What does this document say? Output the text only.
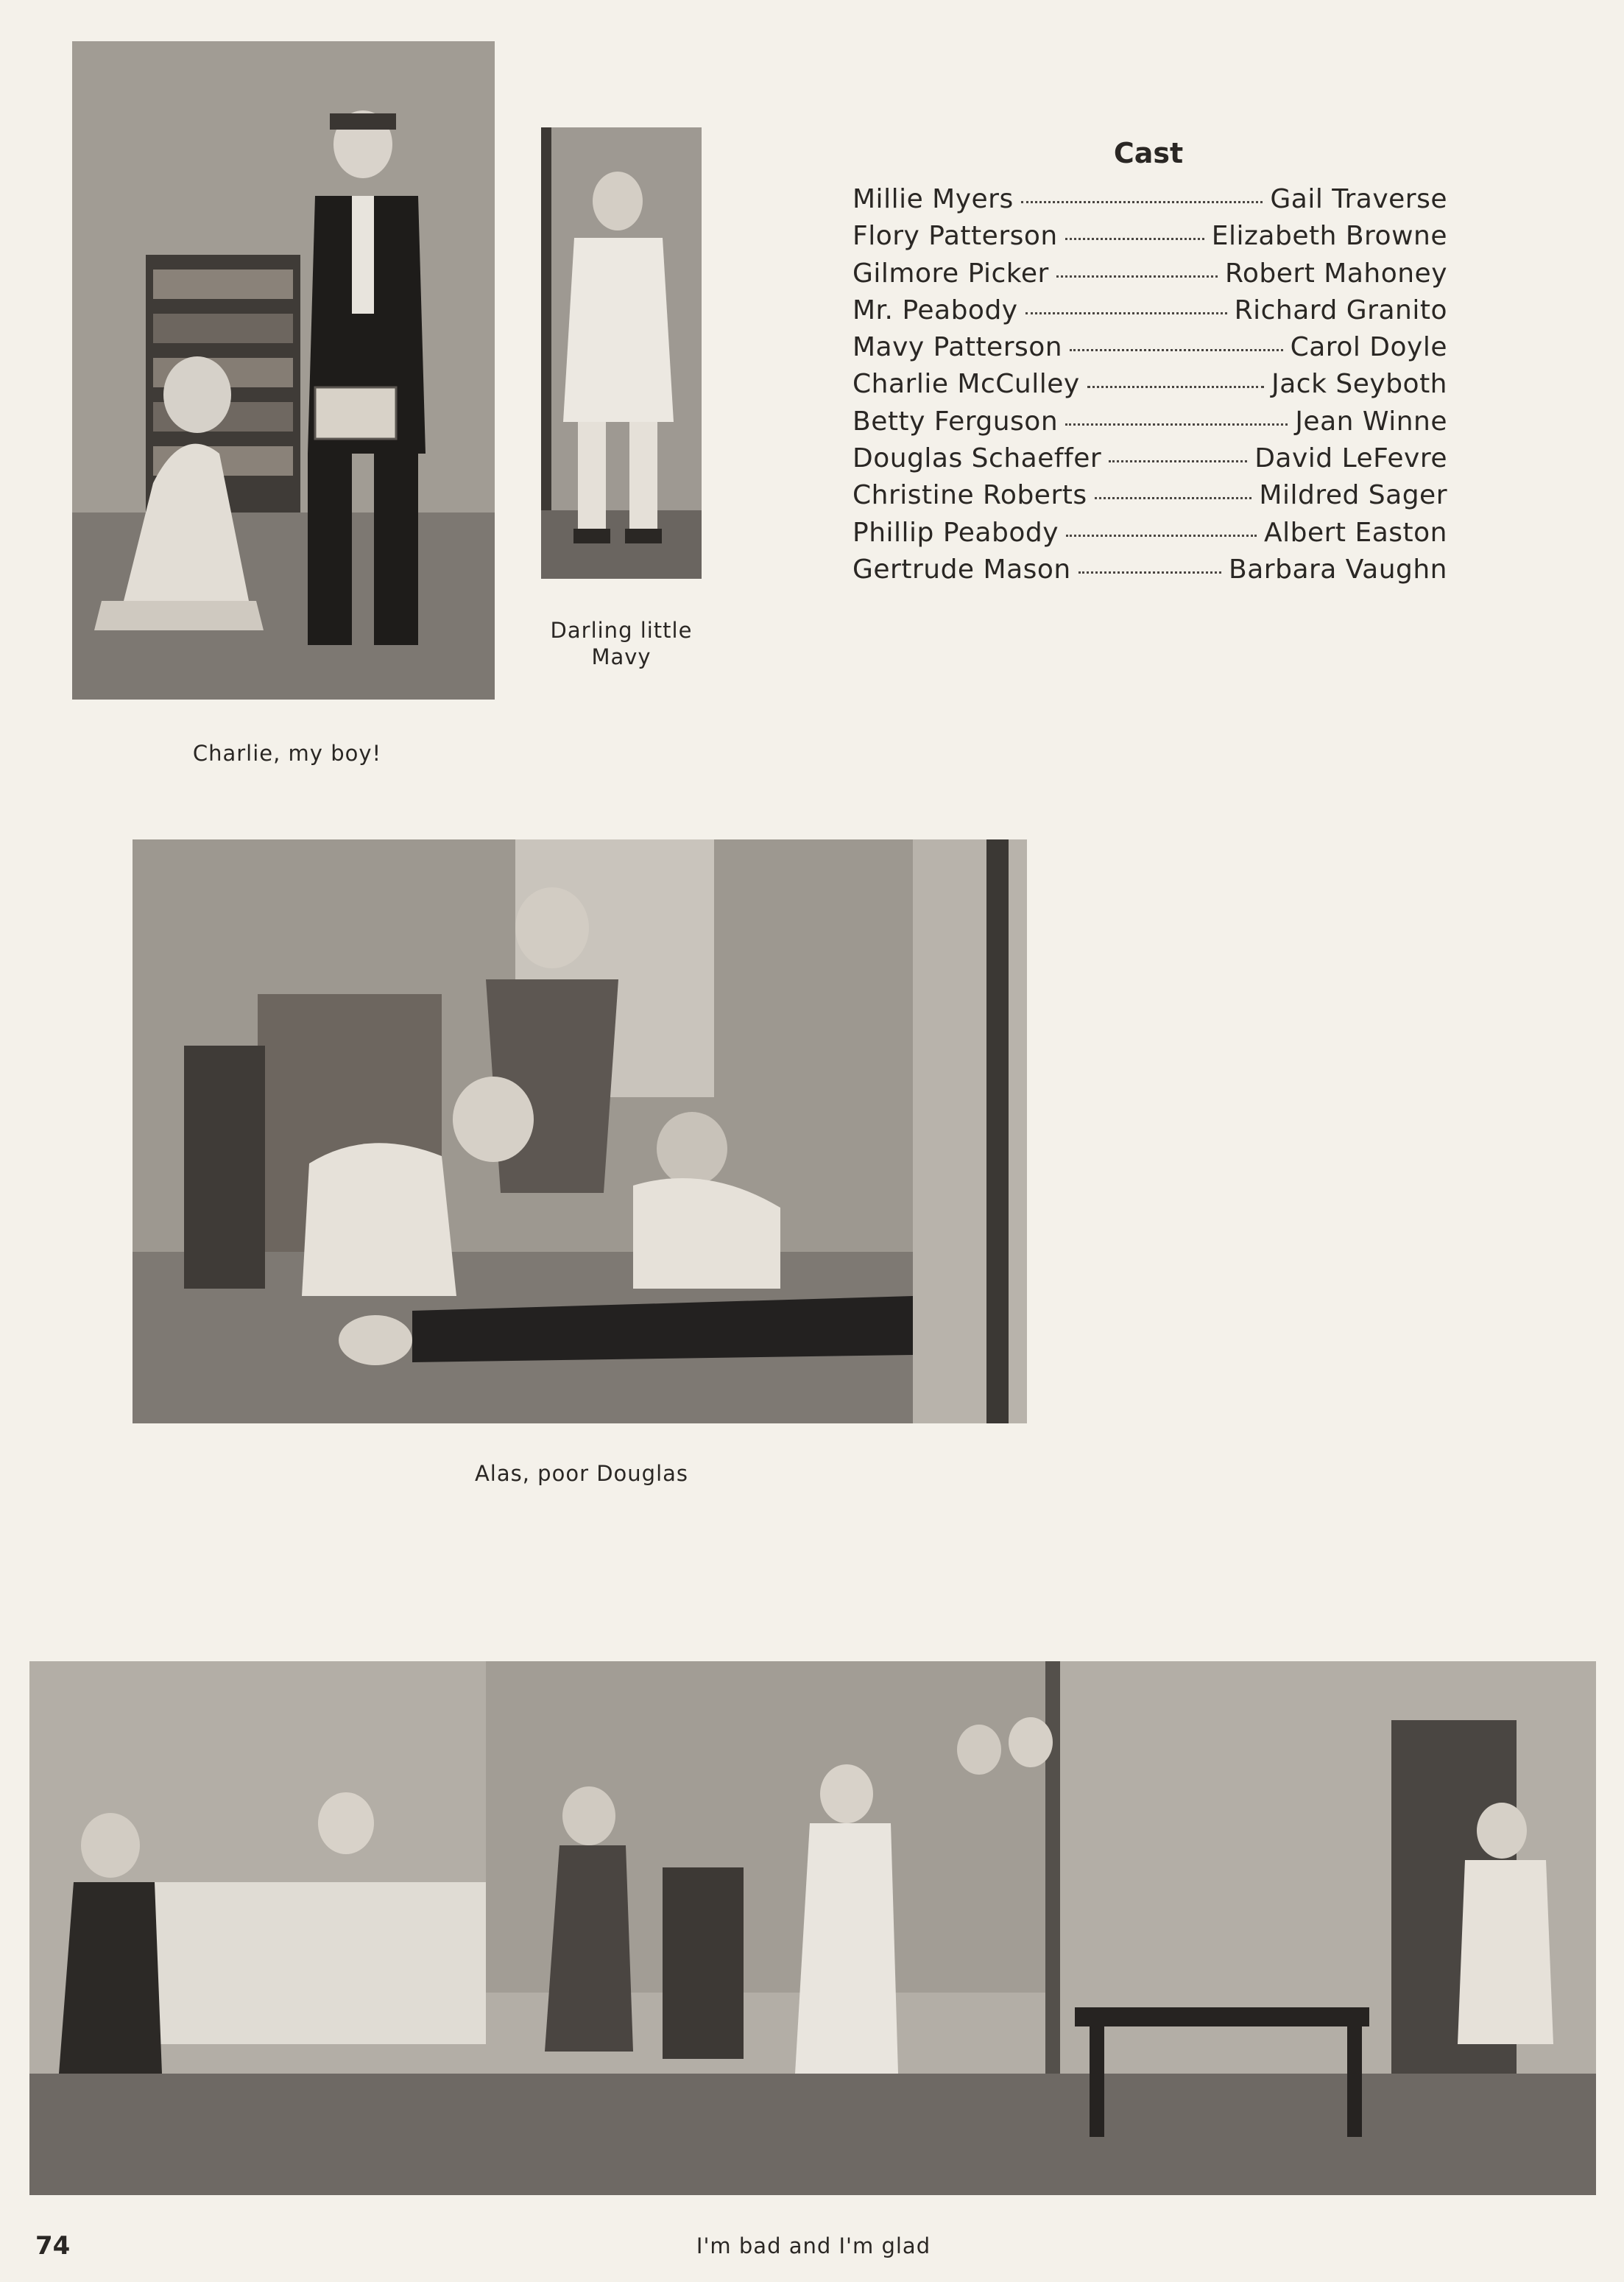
Charlie, my boy!
Darling little Mavy
Cast
Millie Myers	Gail Traverse
Flory Patterson	Elizabeth Browne
Gilmore Picker	Robert Mahoney
Mr. Peabody	Richard Granito
Mavy Patterson	Carol Doyle
Charlie McCulley	Jack Seyboth
Betty Ferguson	Jean Winne
Douglas Schaeffer	David LeFevre
Christine Roberts	Mildred Sager
Phillip Peabody	Albert Easton
Gertrude Mason	Barbara Vaughn
Alas, poor Douglas
I'm bad and I'm glad
74
